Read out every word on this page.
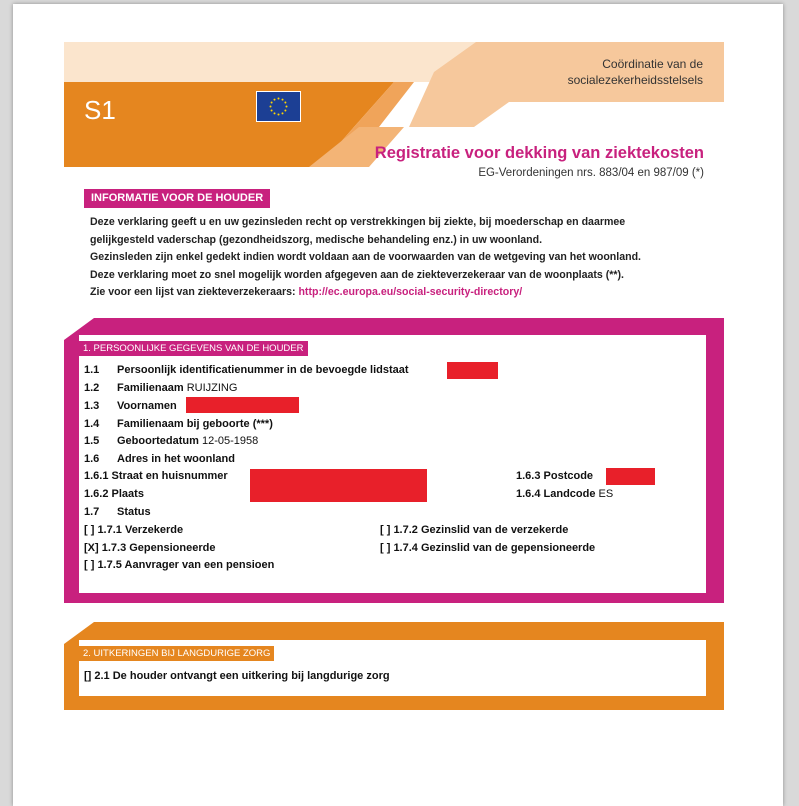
Coördinatie van de
socialezekerheidsstelsels
S1
Registratie voor dekking van ziektekosten
EG-Verordeningen nrs. 883/04 en 987/09 (*)
INFORMATIE VOOR DE HOUDER
Deze verklaring geeft u en uw gezinsleden recht op verstrekkingen bij ziekte, bij moederschap en daarmee
gelijkgesteld vaderschap (gezondheidszorg, medische behandeling enz.) in uw woonland.
Gezinsleden zijn enkel gedekt indien wordt voldaan aan de voorwaarden van de wetgeving van het woonland.
Deze verklaring moet zo snel mogelijk worden afgegeven aan de ziekteverzekeraar van de woonplaats (**).
Zie voor een lijst van ziekteverzekeraars: http://ec.europa.eu/social-security-directory/
1. PERSOONLIJKE GEGEVENS VAN DE HOUDER
1.1 Persoonlijk identificatienummer in de bevoegde lidstaat
1.2 Familienaam RUIJZING
1.3 Voornamen
1.4 Familienaam bij geboorte (***)
1.5 Geboortedatum 12-05-1958
1.6 Adres in het woonland
1.6.1 Straat en huisnummer
1.6.2 Plaats
1.6.3 Postcode
1.6.4 Landcode ES
1.7 Status
[ ] 1.7.1 Verzekerde	[ ] 1.7.2 Gezinslid van de verzekerde
[X] 1.7.3 Gepensioneerde	[ ] 1.7.4 Gezinslid van de gepensioneerde
[ ] 1.7.5 Aanvrager van een pensioen
2. UITKERINGEN BIJ LANGDURIGE ZORG
[] 2.1 De houder ontvangt een uitkering bij langdurige zorg
